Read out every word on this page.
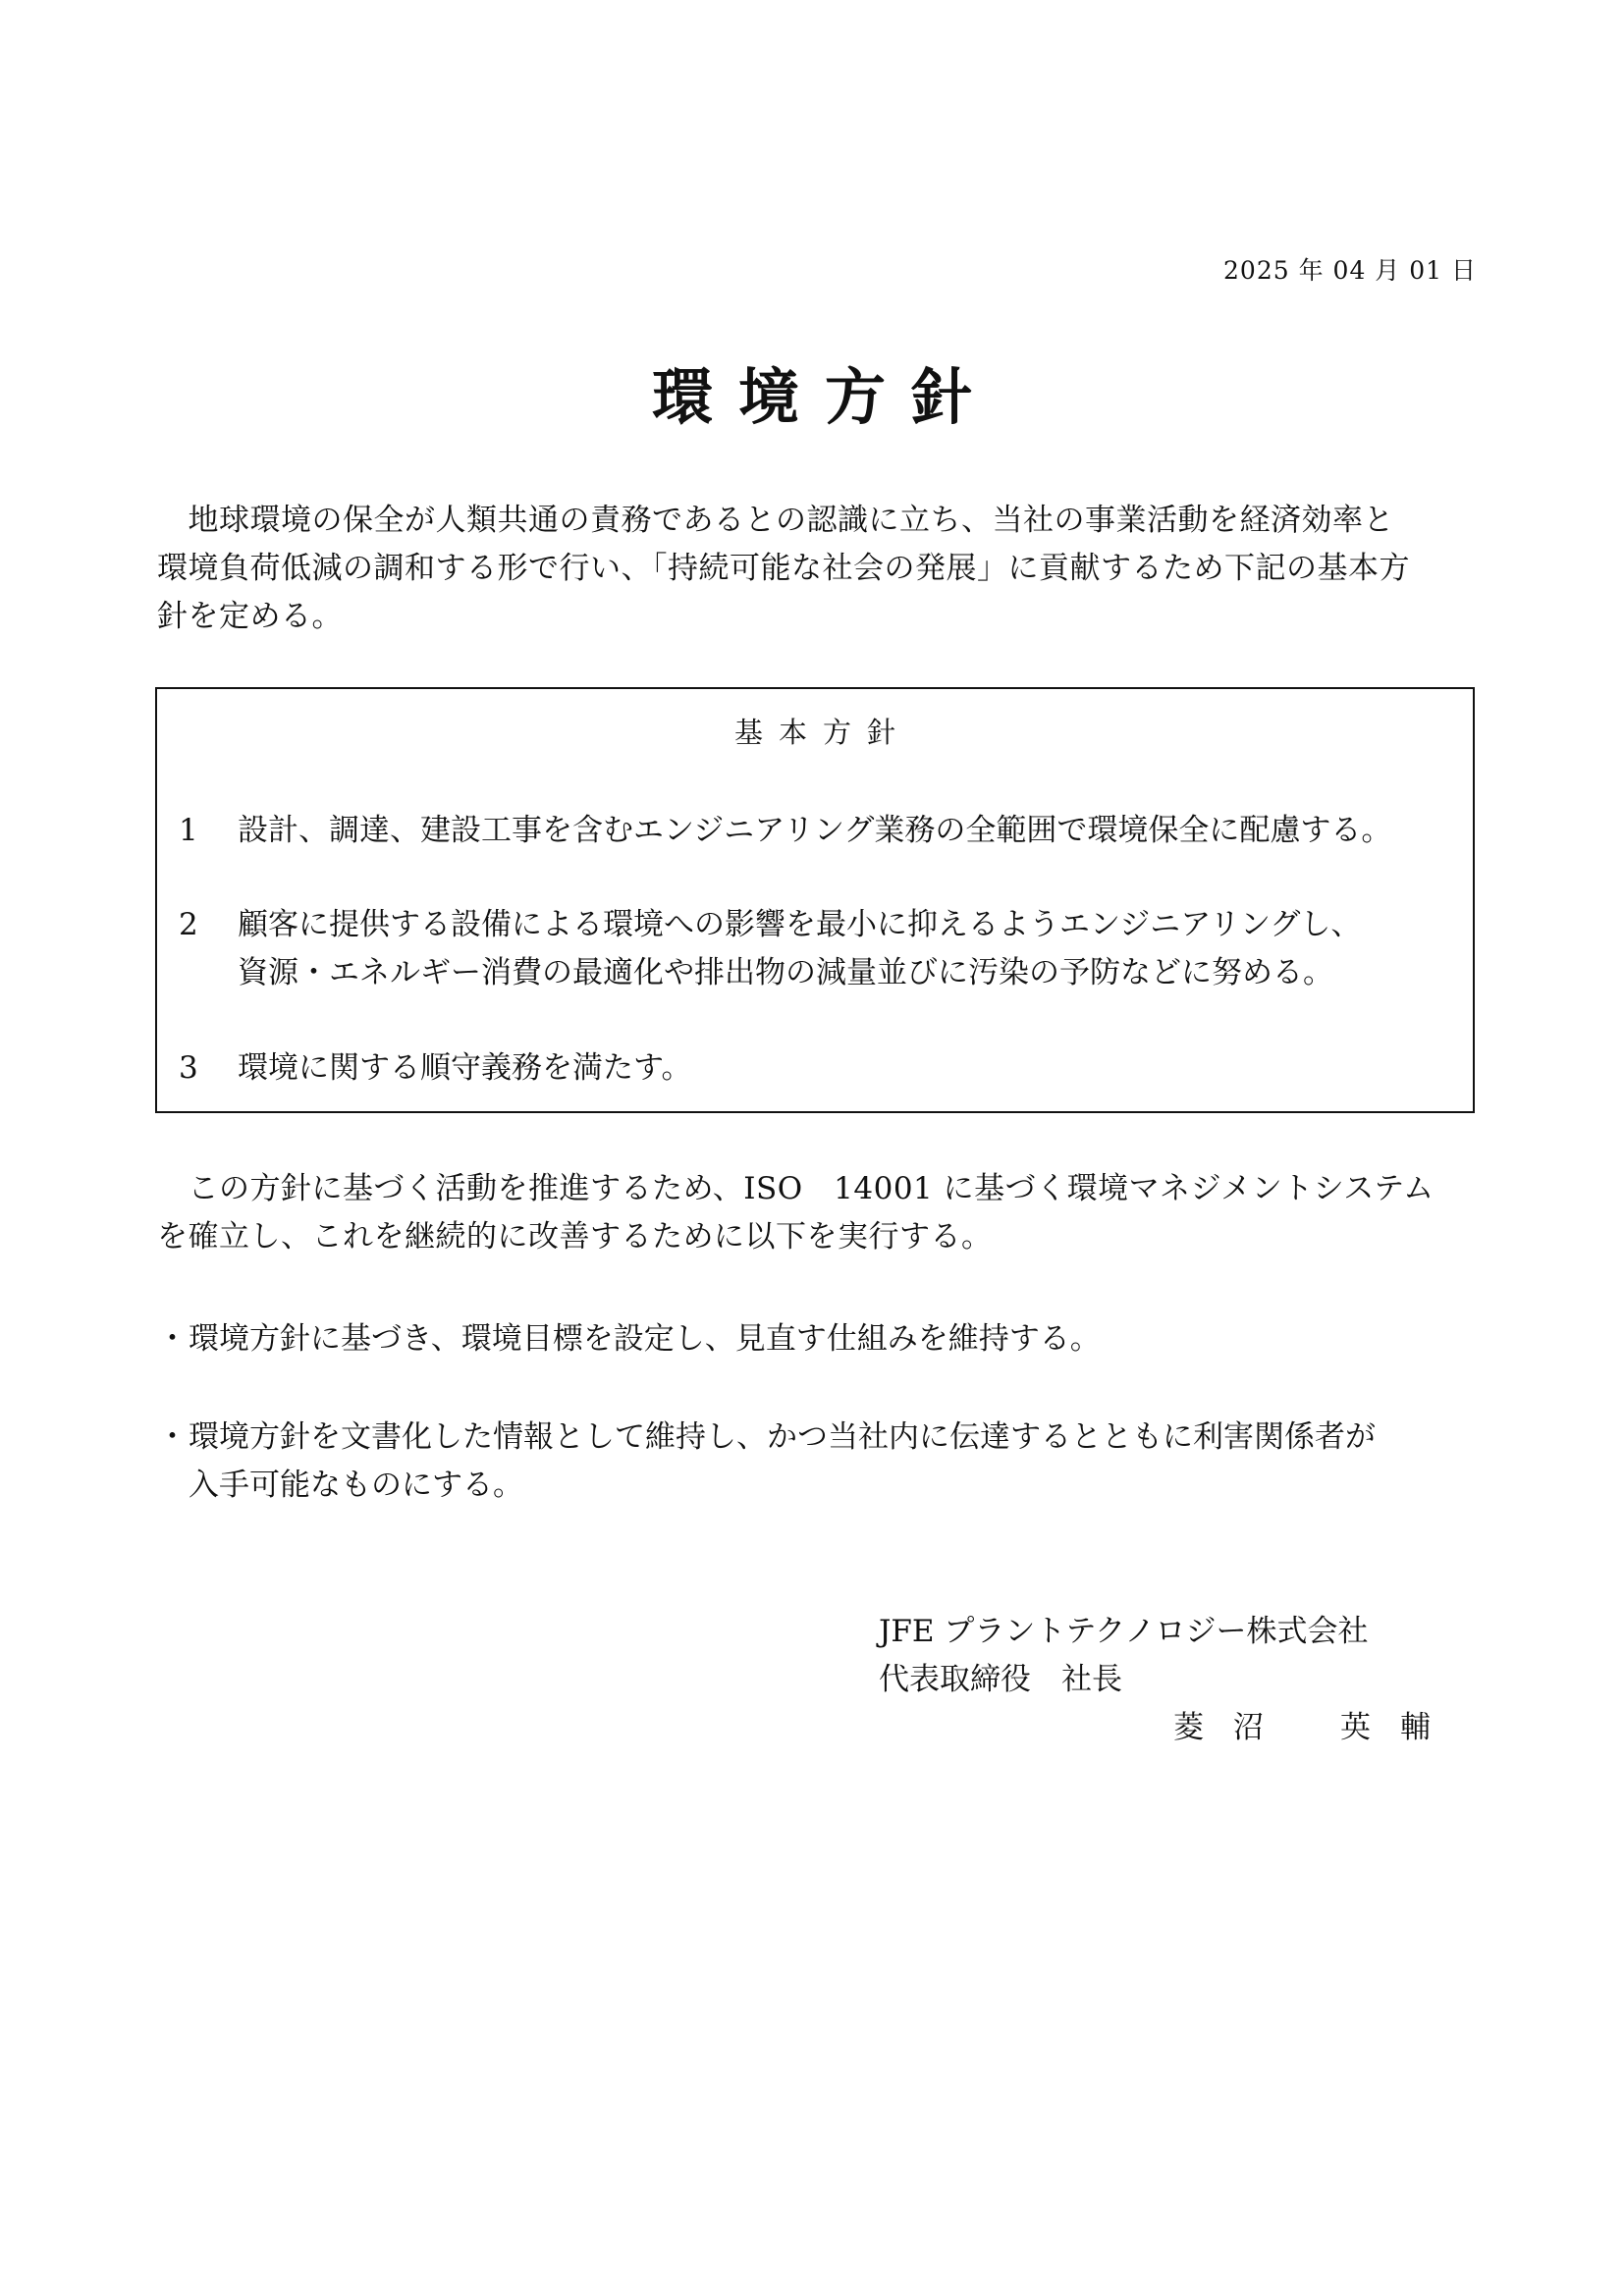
2025 年 04 月 01 日
環境方針
　地球環境の保全が人類共通の責務であるとの認識に立ち、当社の事業活動を経済効率と
環境負荷低減の調和する形で行い、「持続可能な社会の発展」に貢献するため下記の基本方
針を定める。
基本方針
1	設計、調達、建設工事を含むエンジニアリング業務の全範囲で環境保全に配慮する。
2	顧客に提供する設備による環境への影響を最小に抑えるようエンジニアリングし、
資源・エネルギー消費の最適化や排出物の減量並びに汚染の予防などに努める。
3	環境に関する順守義務を満たす。
　この方針に基づく活動を推進するため、ISO　14001 に基づく環境マネジメントシステム
を確立し、これを継続的に改善するために以下を実行する。
・ 環境方針に基づき、環境目標を設定し、見直す仕組みを維持する。
・ 環境方針を文書化した情報として維持し、かつ当社内に伝達するとともに利害関係者が
入手可能なものにする。
JFE プラントテクノロジー株式会社
代表取締役　社長
菱 沼	英 輔
